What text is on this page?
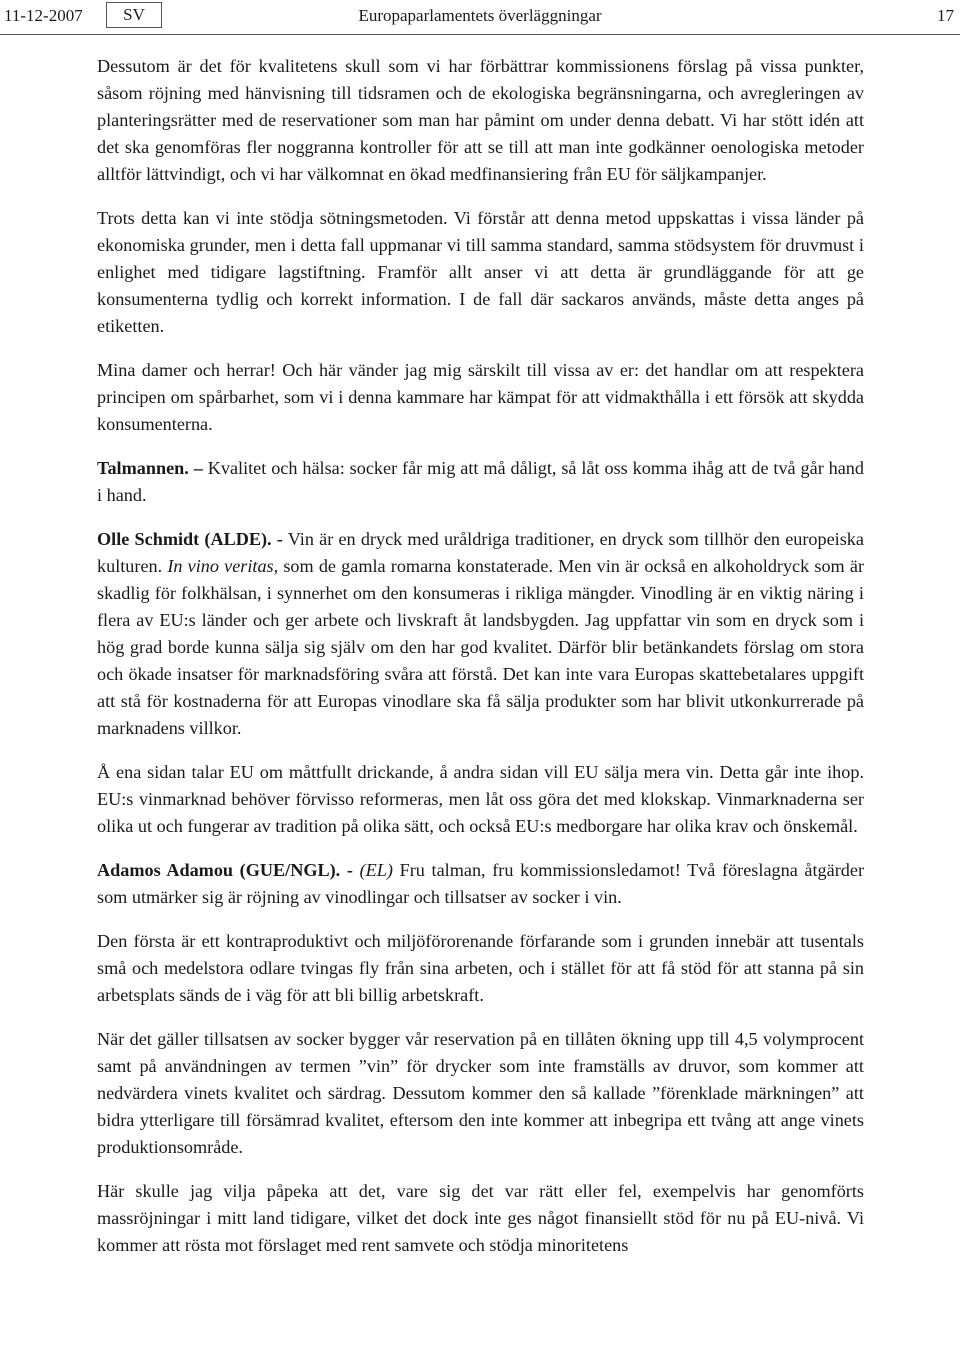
11-12-2007	SV	Europaparlamentets överläggningar	17

Dessutom är det för kvalitetens skull som vi har förbättrar kommissionens förslag på vissa punkter, såsom röjning med hänvisning till tidsramen och de ekologiska begränsningarna, och avregleringen av planteringsrätter med de reservationer som man har påmint om under denna debatt. Vi har stött idén att det ska genomföras fler noggranna kontroller för att se till att man inte godkänner oenologiska metoder alltför lättvindigt, och vi har välkomnat en ökad medfinansiering från EU för säljkampanjer.

Trots detta kan vi inte stödja sötningsmetoden. Vi förstår att denna metod uppskattas i vissa länder på ekonomiska grunder, men i detta fall uppmanar vi till samma standard, samma stödsystem för druvmust i enlighet med tidigare lagstiftning. Framför allt anser vi att detta är grundläggande för att ge konsumenterna tydlig och korrekt information. I de fall där sackaros används, måste detta anges på etiketten.

Mina damer och herrar! Och här vänder jag mig särskilt till vissa av er: det handlar om att respektera principen om spårbarhet, som vi i denna kammare har kämpat för att vidmakthålla i ett försök att skydda konsumenterna.

Talmannen. – Kvalitet och hälsa: socker får mig att må dåligt, så låt oss komma ihåg att de två går hand i hand.

Olle Schmidt (ALDE). - Vin är en dryck med uråldriga traditioner, en dryck som tillhör den europeiska kulturen. In vino veritas, som de gamla romarna konstaterade. Men vin är också en alkoholdryck som är skadlig för folkhälsan, i synnerhet om den konsumeras i rikliga mängder. Vinodling är en viktig näring i flera av EU:s länder och ger arbete och livskraft åt landsbygden. Jag uppfattar vin som en dryck som i hög grad borde kunna sälja sig själv om den har god kvalitet. Därför blir betänkandets förslag om stora och ökade insatser för marknadsföring svåra att förstå. Det kan inte vara Europas skattebetalares uppgift att stå för kostnaderna för att Europas vinodlare ska få sälja produkter som har blivit utkonkurrerade på marknadens villkor.

Å ena sidan talar EU om måttfullt drickande, å andra sidan vill EU sälja mera vin. Detta går inte ihop. EU:s vinmarknad behöver förvisso reformeras, men låt oss göra det med klokskap. Vinmarknaderna ser olika ut och fungerar av tradition på olika sätt, och också EU:s medborgare har olika krav och önskemål.

Adamos Adamou (GUE/NGL). - (EL) Fru talman, fru kommissionsledamot! Två föreslagna åtgärder som utmärker sig är röjning av vinodlingar och tillsatser av socker i vin.

Den första är ett kontraproduktivt och miljöförorenande förfarande som i grunden innebär att tusentals små och medelstora odlare tvingas fly från sina arbeten, och i stället för att få stöd för att stanna på sin arbetsplats sänds de i väg för att bli billig arbetskraft.

När det gäller tillsatsen av socker bygger vår reservation på en tillåten ökning upp till 4,5 volymprocent samt på användningen av termen ”vin” för drycker som inte framställs av druvor, som kommer att nedvärdera vinets kvalitet och särdrag. Dessutom kommer den så kallade ”förenklade märkningen” att bidra ytterligare till försämrad kvalitet, eftersom den inte kommer att inbegripa ett tvång att ange vinets produktionsområde.

Här skulle jag vilja påpeka att det, vare sig det var rätt eller fel, exempelvis har genomförts massröjningar i mitt land tidigare, vilket det dock inte ges något finansiellt stöd för nu på EU-nivå. Vi kommer att rösta mot förslaget med rent samvete och stödja minoritetens
